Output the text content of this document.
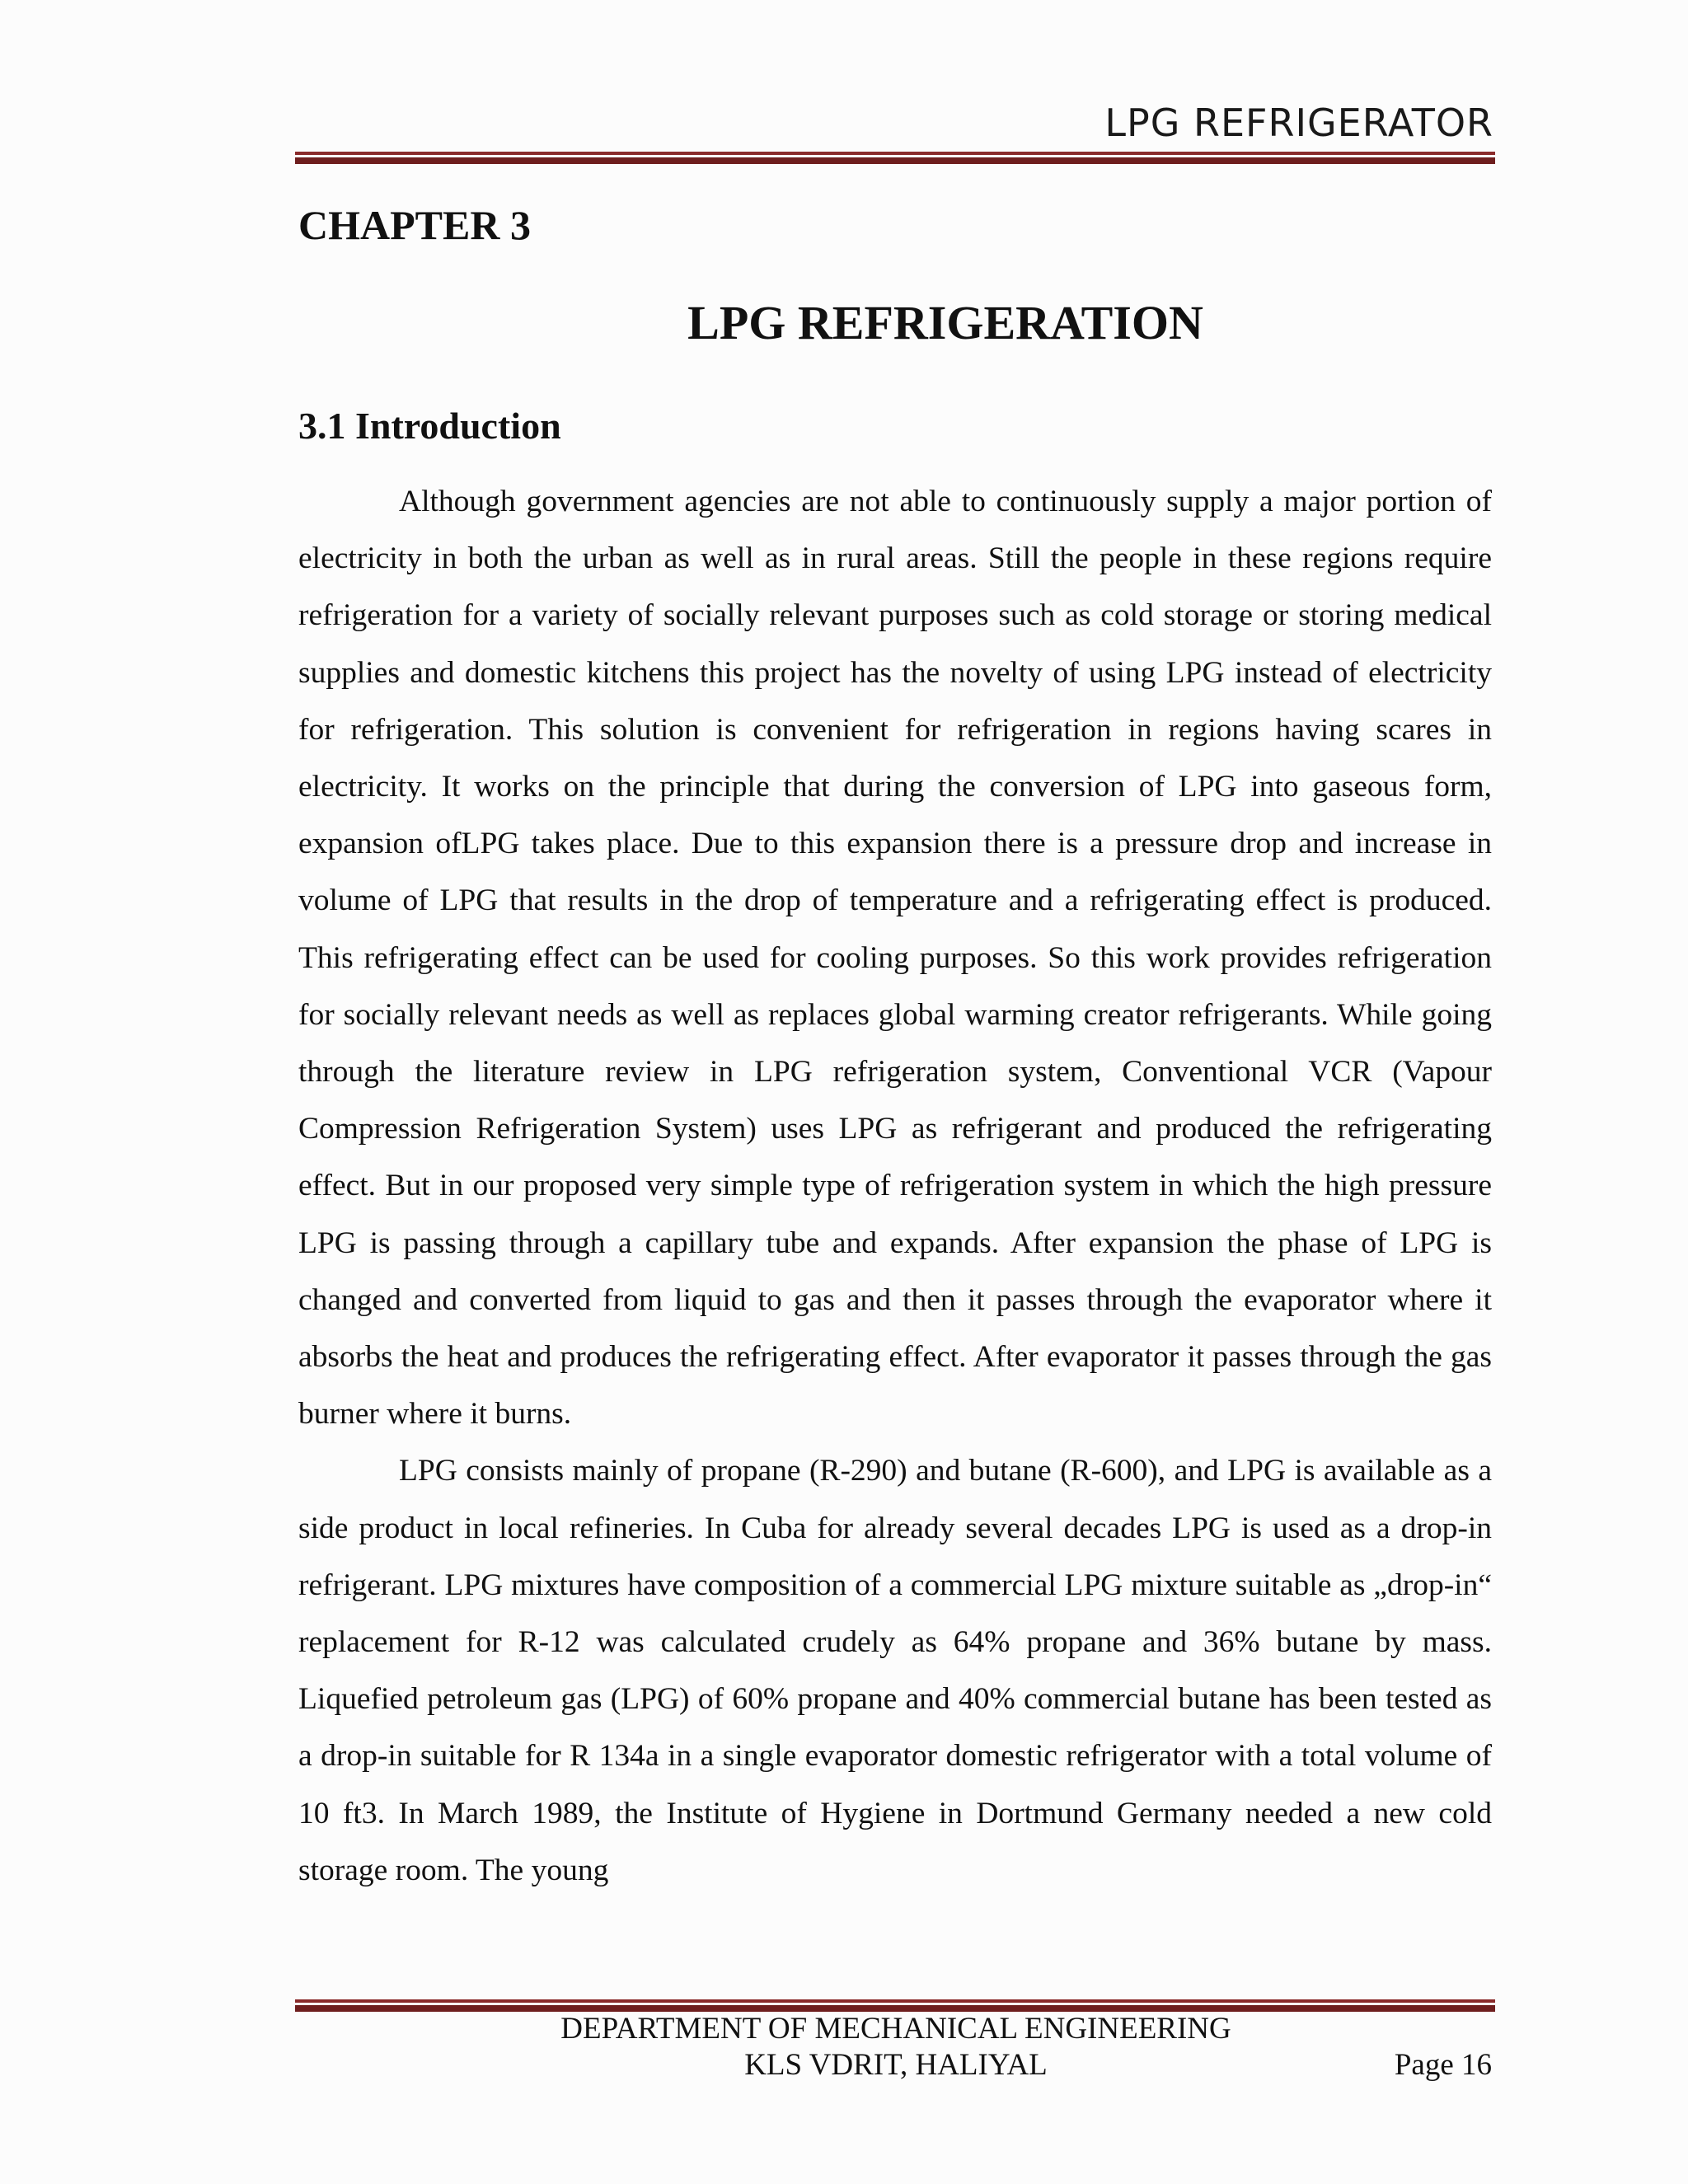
LPG REFRIGERATOR
CHAPTER 3
LPG REFRIGERATION
3.1 Introduction

Although government agencies are not able to continuously supply a major portion of electricity in both the urban as well as in rural areas. Still the people in these regions require refrigeration for a variety of socially relevant purposes such as cold storage or storing medical supplies and domestic kitchens this project has the novelty of using LPG instead of electricity for refrigeration. This solution is convenient for refrigeration in regions having scares in electricity. It works on the principle that during the conversion of LPG into gaseous form, expansion ofLPG takes place. Due to this expansion there is a pressure drop and increase in volume of LPG that results in the drop of temperature and a refrigerating effect is produced. This refrigerating effect can be used for cooling purposes. So this work provides refrigeration for socially relevant needs as well as replaces global warming creator refrigerants. While going through the literature review in LPG refrigeration system, Conventional VCR (Vapour Compression Refrigeration System) uses LPG as refrigerant and produced the refrigerating effect. But in our proposed very simple type of refrigeration system in which the high pressure LPG is passing through a capillary tube and expands. After expansion the phase of LPG is changed and converted from liquid to gas and then it passes through the evaporator where it absorbs the heat and produces the refrigerating effect. After evaporator it passes through the gas burner where it burns.

LPG consists mainly of propane (R-290) and butane (R-600), and LPG is available as a side product in local refineries. In Cuba for already several decades LPG is used as a drop-in refrigerant. LPG mixtures have composition of a commercial LPG mixture suitable as „drop-in“ replacement for R-12 was calculated crudely as 64% propane and 36% butane by mass. Liquefied petroleum gas (LPG) of 60% propane and 40% commercial butane has been tested as a drop-in suitable for R 134a in a single evaporator domestic refrigerator with a total volume of 10 ft3. In March 1989, the Institute of Hygiene in Dortmund Germany needed a new cold storage room. The young

DEPARTMENT OF MECHANICAL ENGINEERING
KLS VDRIT, HALIYAL	Page 16
